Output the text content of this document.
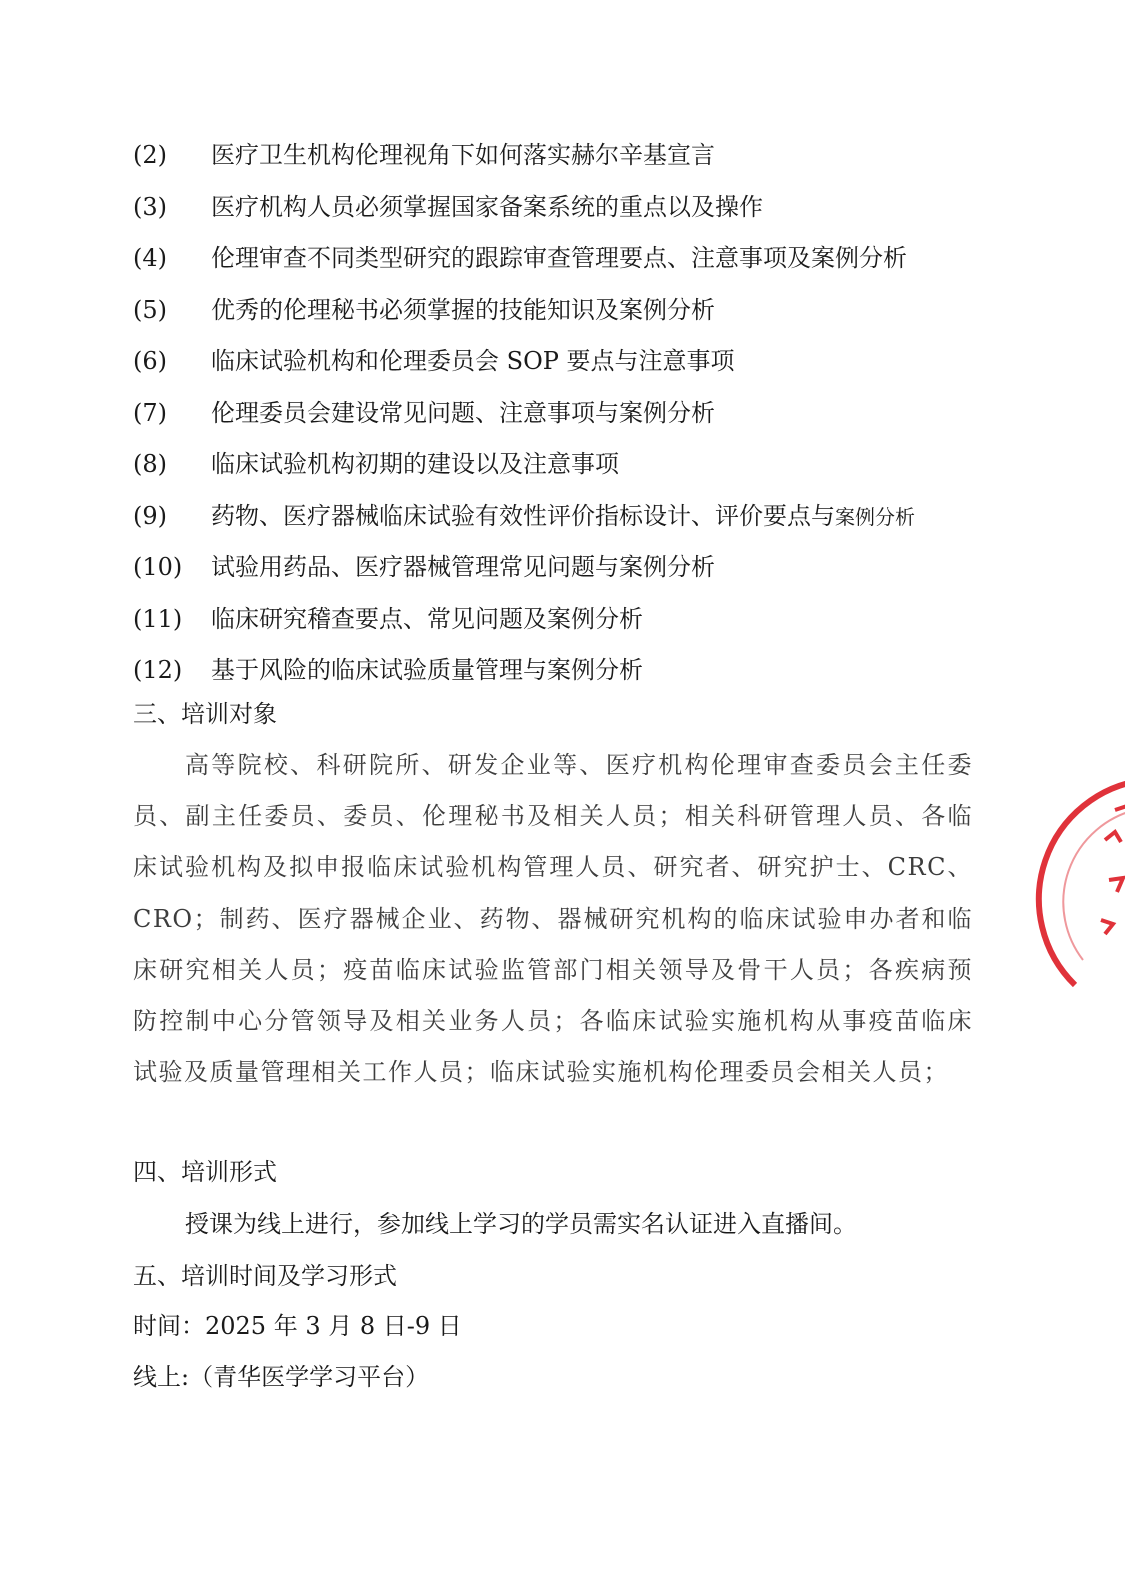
(2)	医疗卫生机构伦理视角下如何落实赫尔辛基宣言
(3)	医疗机构人员必须掌握国家备案系统的重点以及操作
(4)	伦理审查不同类型研究的跟踪审查管理要点、注意事项及案例分析
(5)	优秀的伦理秘书必须掌握的技能知识及案例分析
(6)	临床试验机构和伦理委员会 SOP 要点与注意事项
(7)	伦理委员会建设常见问题、注意事项与案例分析
(8)	临床试验机构初期的建设以及注意事项
(9)	药物、医疗器械临床试验有效性评价指标设计、评价要点与 案例分析
(10)	试验用药品、医疗器械管理常见问题与案例分析
(11)	临床研究稽查要点、常见问题及案例分析
(12)	基于风险的临床试验质量管理与案例分析
三、培训对象
高等院校、科研院所、研发企业等、医疗机构伦理审查委员会主任委员、副主任委员、委员、伦理秘书及相关人员；相关科研管理人员、各临床试验机构及拟申报临床试验机构管理人员、研究者、研究护士、CRC、CRO；制药、医疗器械企业、药物、器械研究机构的临床试验申办者和临床研究相关人员；疫苗临床试验监管部门相关领导及骨干人员；各疾病预防控制中心分管领导及相关业务人员；各临床试验实施机构从事疫苗临床试验及质量管理相关工作人员；临床试验实施机构伦理委员会相关人员；
四、培训形式
授课为线上进行，参加线上学习的学员需实名认证进入直播间。
五、培训时间及学习形式
时间：2025 年 3 月 8 日-9 日
线上:（青华医学学习平台）
